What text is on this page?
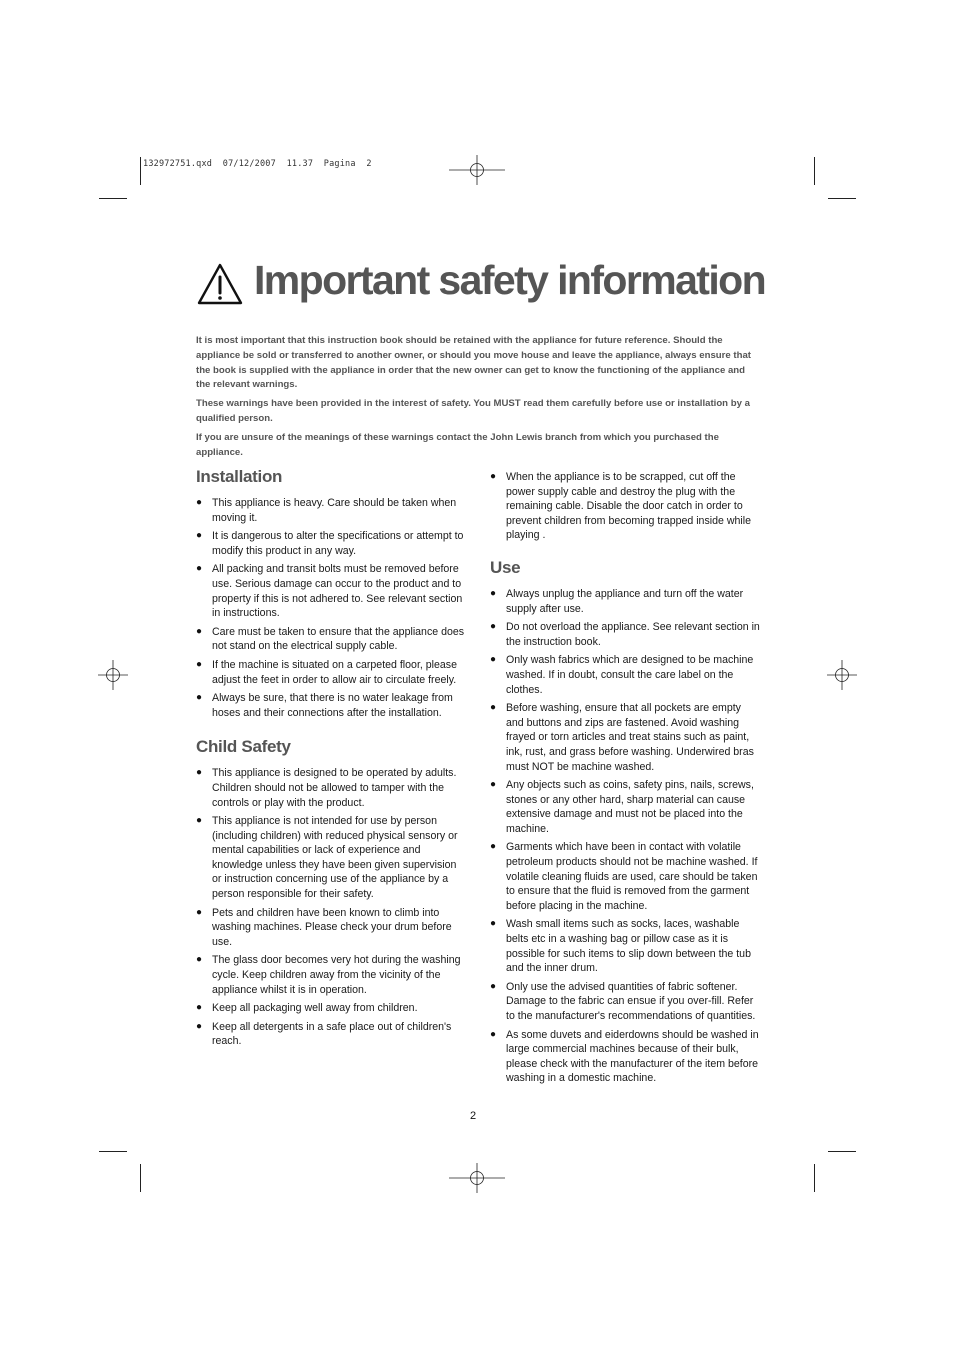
132972751.qxd  07/12/2007  11.37  Pagina  2
Important safety information

It is most important that this instruction book should be retained with the appliance for future reference. Should the appliance be sold or transferred to another owner, or should you move house and leave the appliance, always ensure that the book is supplied with the appliance in order that the new owner can get to know the functioning of the appliance and the relevant warnings.

These warnings have been provided in the interest of safety. You MUST read them carefully before use or installation by a qualified person.

If you are unsure of the meanings of these warnings contact the John Lewis branch from which you purchased the appliance.

Installation
● This appliance is heavy. Care should be taken when moving it.
● It is dangerous to alter the specifications or attempt to modify this product in any way.
● All packing and transit bolts must be removed before use. Serious damage can occur to the product and to property if this is not adhered to. See relevant section in instructions.
● Care must be taken to ensure that the appliance does not stand on the electrical supply cable.
● If the machine is situated on a carpeted floor, please adjust the feet in order to allow air to circulate freely.
● Always be sure, that there is no water leakage from hoses and their connections after the installation.
Child Safety
● This appliance is designed to be operated by adults. Children should not be allowed to tamper with the controls or play with the product.
● This appliance is not intended for use by person (including children) with reduced physical sensory or mental capabilities or lack of experience and knowledge unless they have been given supervision or instruction concerning use of the appliance by a person responsible for their safety.
● Pets and children have been known to climb into washing machines. Please check your drum before use.
● The glass door becomes very hot during the washing cycle. Keep children away from the vicinity of the appliance whilst it is in operation.
● Keep all packaging well away from children.
● Keep all detergents in a safe place out of children's reach.
● When the appliance is to be scrapped, cut off the power supply cable and destroy the plug with the remaining cable. Disable the door catch in order to prevent children from becoming trapped inside while playing .
Use
● Always unplug the appliance and turn off the water supply after use.
● Do not overload the appliance. See relevant section in the instruction book.
● Only wash fabrics which are designed to be machine washed. If in doubt, consult the care label on the clothes.
● Before washing, ensure that all pockets are empty and buttons and zips are fastened. Avoid washing frayed or torn articles and treat stains such as paint, ink, rust, and grass before washing. Underwired bras must NOT be machine washed.
● Any objects such as coins, safety pins, nails, screws, stones or any other hard, sharp material can cause extensive damage and must not be placed into the machine.
● Garments which have been in contact with volatile petroleum products should not be machine washed. If volatile cleaning fluids are used, care should be taken to ensure that the fluid is removed from the garment before placing in the machine.
● Wash small items such as socks, laces, washable belts etc in a washing bag or pillow case as it is possible for such items to slip down between the tub and the inner drum.
● Only use the advised quantities of fabric softener. Damage to the fabric can ensue if you over-fill. Refer to the manufacturer's recommendations of quantities.
● As some duvets and eiderdowns should be washed in large commercial machines because of their bulk, please check with the manufacturer of the item before washing in a domestic machine.
2
